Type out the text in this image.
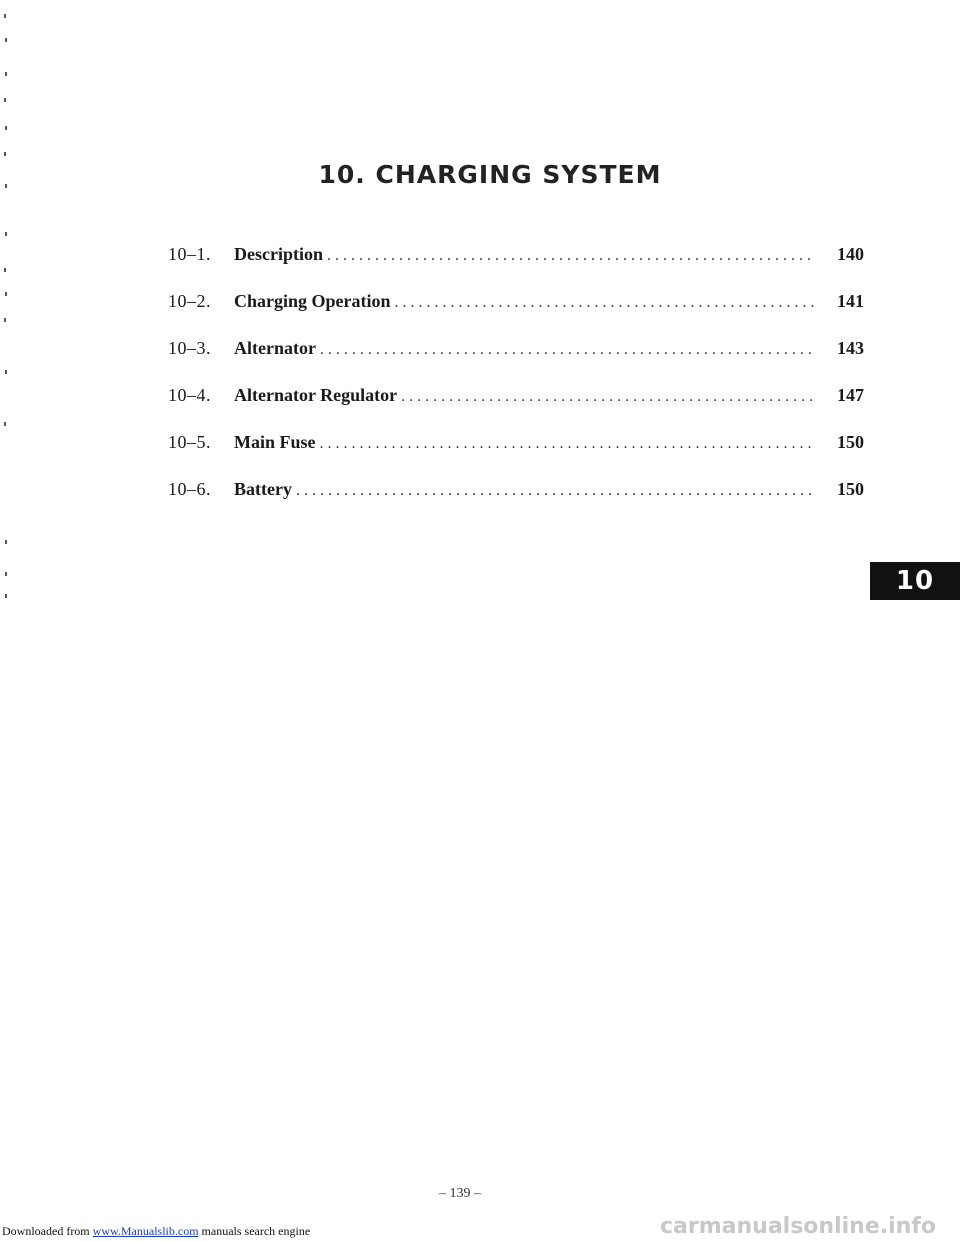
10. CHARGING SYSTEM
10–1.	Description . . .	140
10–2.	Charging Operation . . .	141
10–3.	Alternator . . .	143
10–4.	Alternator Regulator . . .	147
10–5.	Main Fuse . . .	150
10–6.	Battery . . .	150
10
– 139 –
Downloaded from www.Manualslib.com manuals search engine	carmanualsonline.info
